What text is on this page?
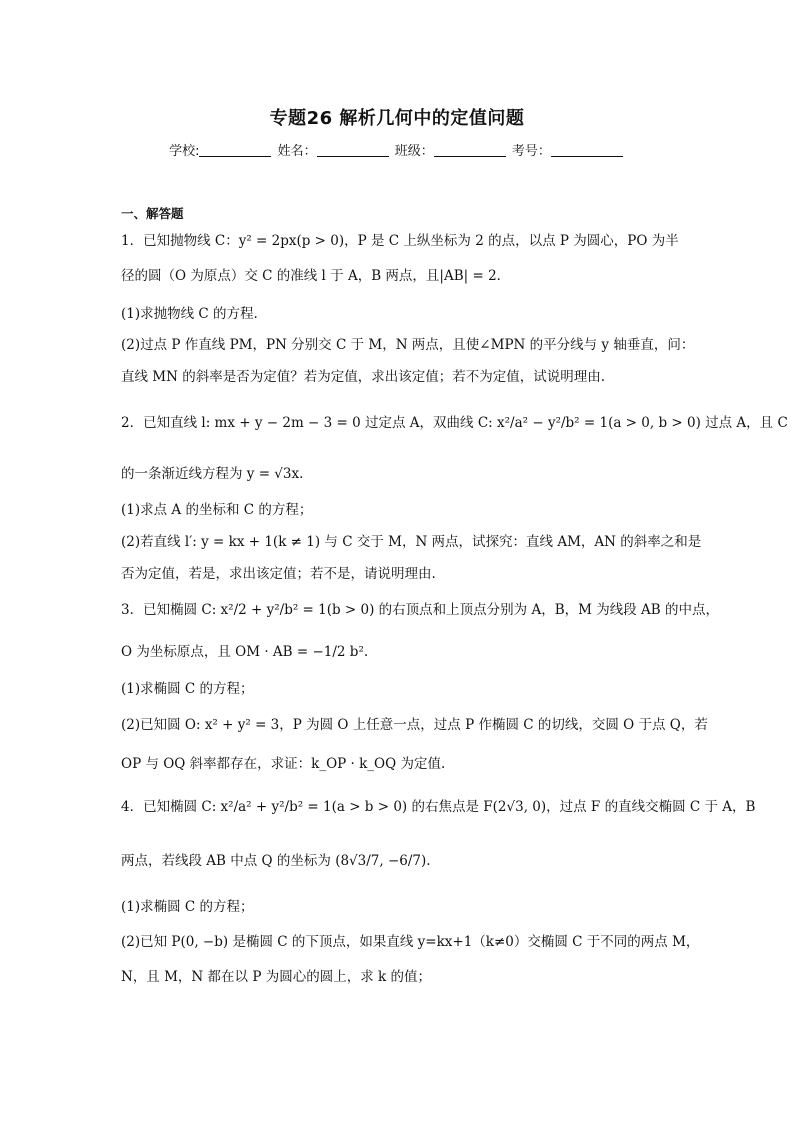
专题26 解析几何中的定值问题
学校:	姓名：	班级：	考号：
一、解答题
1．已知抛物线 C：y² = 2px(p > 0)，P 是 C 上纵坐标为 2 的点，以点 P 为圆心，PO 为半
径的圆（O 为原点）交 C 的准线 l 于 A，B 两点，且|AB| = 2．
(1)求抛物线 C 的方程.
(2)过点 P 作直线 PM，PN 分别交 C 于 M，N 两点，且使∠MPN 的平分线与 y 轴垂直，问：
直线 MN 的斜率是否为定值？若为定值，求出该定值；若不为定值，试说明理由.
2．已知直线 l: mx + y − 2m − 3 = 0 过定点 A，双曲线 C: x²/a² − y²/b² = 1(a > 0, b > 0) 过点 A，且 C
的一条渐近线方程为 y = √3x.
(1)求点 A 的坐标和 C 的方程；
(2)若直线 l′: y = kx + 1(k ≠ 1) 与 C 交于 M，N 两点，试探究：直线 AM，AN 的斜率之和是
否为定值，若是，求出该定值；若不是，请说明理由.
3．已知椭圆 C: x²/2 + y²/b² = 1(b > 0) 的右顶点和上顶点分别为 A，B，M 为线段 AB 的中点，
O 为坐标原点，且 OM · AB = −1/2 b².
(1)求椭圆 C 的方程；
(2)已知圆 O: x² + y² = 3，P 为圆 O 上任意一点，过点 P 作椭圆 C 的切线，交圆 O 于点 Q，若
OP 与 OQ 斜率都存在，求证：k_OP · k_OQ 为定值.
4．已知椭圆 C: x²/a² + y²/b² = 1(a > b > 0) 的右焦点是 F(2√3, 0)，过点 F 的直线交椭圆 C 于 A，B
两点，若线段 AB 中点 Q 的坐标为 (8√3/7, −6/7).
(1)求椭圆 C 的方程；
(2)已知 P(0, −b) 是椭圆 C 的下顶点，如果直线 y=kx+1（k≠0）交椭圆 C 于不同的两点 M，
N，且 M，N 都在以 P 为圆心的圆上，求 k 的值；
